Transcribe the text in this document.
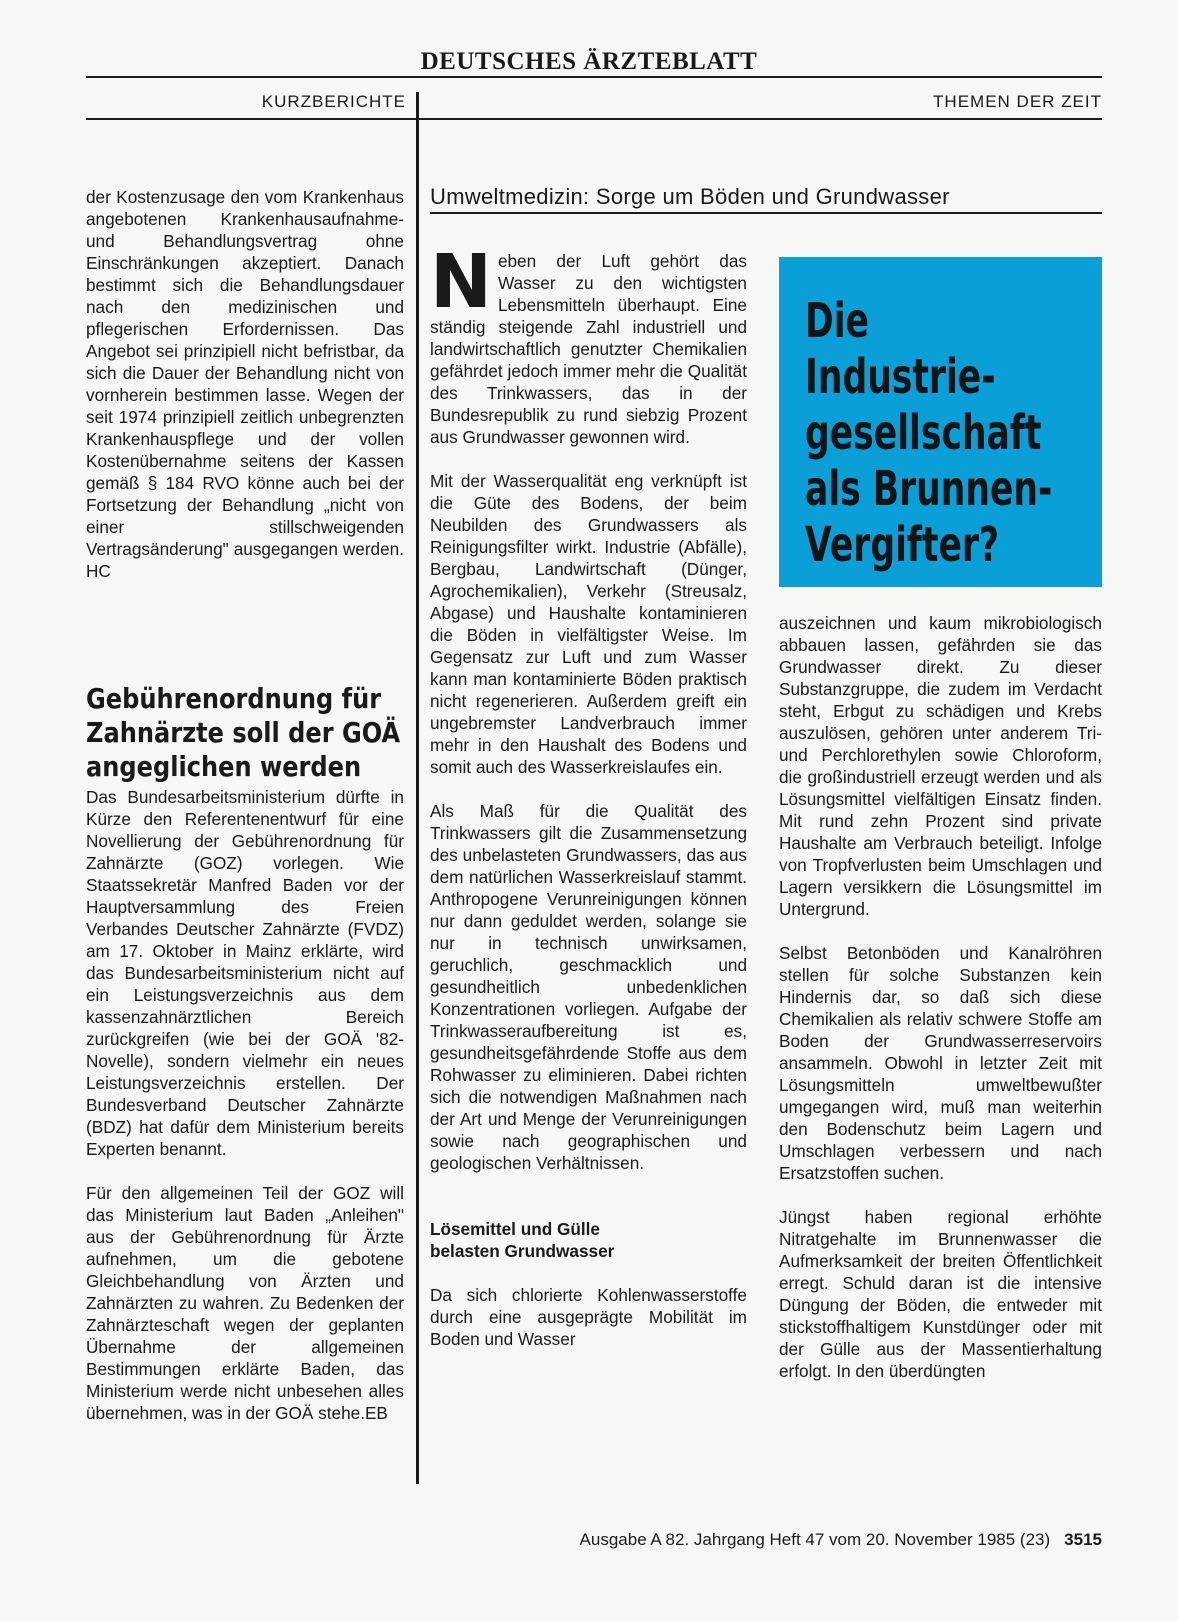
DEUTSCHES ÄRZTEBLATT
KURZBERICHTE	THEMEN DER ZEIT

der Kostenzusage den vom Krankenhaus angebotenen Krankenhausaufnahme- und Behandlungsvertrag ohne Einschränkungen akzeptiert. Danach bestimmt sich die Behandlungsdauer nach den medizinischen und pflegerischen Erfordernissen. Das Angebot sei prinzipiell nicht befristbar, da sich die Dauer der Behandlung nicht von vornherein bestimmen lasse. Wegen der seit 1974 prinzipiell zeitlich unbegrenzten Krankenhauspflege und der vollen Kostenübernahme seitens der Kassen gemäß § 184 RVO könne auch bei der Fortsetzung der Behandlung „nicht von einer stillschweigenden Vertragsänderung" ausgegangen werden. HC

Gebührenordnung für
Zahnärzte soll der GOÄ
angeglichen werden

Das Bundesarbeitsministerium dürfte in Kürze den Referentenentwurf für eine Novellierung der Gebührenordnung für Zahnärzte (GOZ) vorlegen. Wie Staatssekretär Manfred Baden vor der Hauptversammlung des Freien Verbandes Deutscher Zahnärzte (FVDZ) am 17. Oktober in Mainz erklärte, wird das Bundesarbeitsministerium nicht auf ein Leistungsverzeichnis aus dem kassenzahnärztlichen Bereich zurückgreifen (wie bei der GOÄ '82-Novelle), sondern vielmehr ein neues Leistungsverzeichnis erstellen. Der Bundesverband Deutscher Zahnärzte (BDZ) hat dafür dem Ministerium bereits Experten benannt.

Für den allgemeinen Teil der GOZ will das Ministerium laut Baden „Anleihen" aus der Gebührenordnung für Ärzte aufnehmen, um die gebotene Gleichbehandlung von Ärzten und Zahnärzten zu wahren. Zu Bedenken der Zahnärzteschaft wegen der geplanten Übernahme der allgemeinen Bestimmungen erklärte Baden, das Ministerium werde nicht unbesehen alles übernehmen, was in der GOÄ stehe.EB

Umweltmedizin: Sorge um Böden und Grundwasser

Neben der Luft gehört das Wasser zu den wichtigsten Lebensmitteln überhaupt. Eine ständig steigende Zahl industriell und landwirtschaftlich genutzter Chemikalien gefährdet jedoch immer mehr die Qualität des Trinkwassers, das in der Bundesrepublik zu rund siebzig Prozent aus Grundwasser gewonnen wird.

Mit der Wasserqualität eng verknüpft ist die Güte des Bodens, der beim Neubilden des Grundwassers als Reinigungsfilter wirkt. Industrie (Abfälle), Bergbau, Landwirtschaft (Dünger, Agrochemikalien), Verkehr (Streusalz, Abgase) und Haushalte kontaminieren die Böden in vielfältigster Weise. Im Gegensatz zur Luft und zum Wasser kann man kontaminierte Böden praktisch nicht regenerieren. Außerdem greift ein ungebremster Landverbrauch immer mehr in den Haushalt des Bodens und somit auch des Wasserkreislaufes ein.

Als Maß für die Qualität des Trinkwassers gilt die Zusammensetzung des unbelasteten Grundwassers, das aus dem natürlichen Wasserkreislauf stammt. Anthropogene Verunreinigungen können nur dann geduldet werden, solange sie nur in technisch unwirksamen, geruchlich, geschmacklich und gesundheitlich unbedenklichen Konzentrationen vorliegen. Aufgabe der Trinkwasseraufbereitung ist es, gesundheitsgefährdende Stoffe aus dem Rohwasser zu eliminieren. Dabei richten sich die notwendigen Maßnahmen nach der Art und Menge der Verunreinigungen sowie nach geographischen und geologischen Verhältnissen.

Lösemittel und Gülle
belasten Grundwasser

Da sich chlorierte Kohlenwasserstoffe durch eine ausgeprägte Mobilität im Boden und Wasser

Die
Industrie-
gesellschaft
als Brunnen-
Vergifter?

auszeichnen und kaum mikrobiologisch abbauen lassen, gefährden sie das Grundwasser direkt. Zu dieser Substanzgruppe, die zudem im Verdacht steht, Erbgut zu schädigen und Krebs auszulösen, gehören unter anderem Tri- und Perchlorethylen sowie Chloroform, die großindustriell erzeugt werden und als Lösungsmittel vielfältigen Einsatz finden. Mit rund zehn Prozent sind private Haushalte am Verbrauch beteiligt. Infolge von Tropfverlusten beim Umschlagen und Lagern versikkern die Lösungsmittel im Untergrund.

Selbst Betonböden und Kanalröhren stellen für solche Substanzen kein Hindernis dar, so daß sich diese Chemikalien als relativ schwere Stoffe am Boden der Grundwasserreservoirs ansammeln. Obwohl in letzter Zeit mit Lösungsmitteln umweltbewußter umgegangen wird, muß man weiterhin den Bodenschutz beim Lagern und Umschlagen verbessern und nach Ersatzstoffen suchen.

Jüngst haben regional erhöhte Nitratgehalte im Brunnenwasser die Aufmerksamkeit der breiten Öffentlichkeit erregt. Schuld daran ist die intensive Düngung der Böden, die entweder mit stickstoffhaltigem Kunstdünger oder mit der Gülle aus der Massentierhaltung erfolgt. In den überdüngten

Ausgabe A 82. Jahrgang Heft 47 vom 20. November 1985 (23) 3515
